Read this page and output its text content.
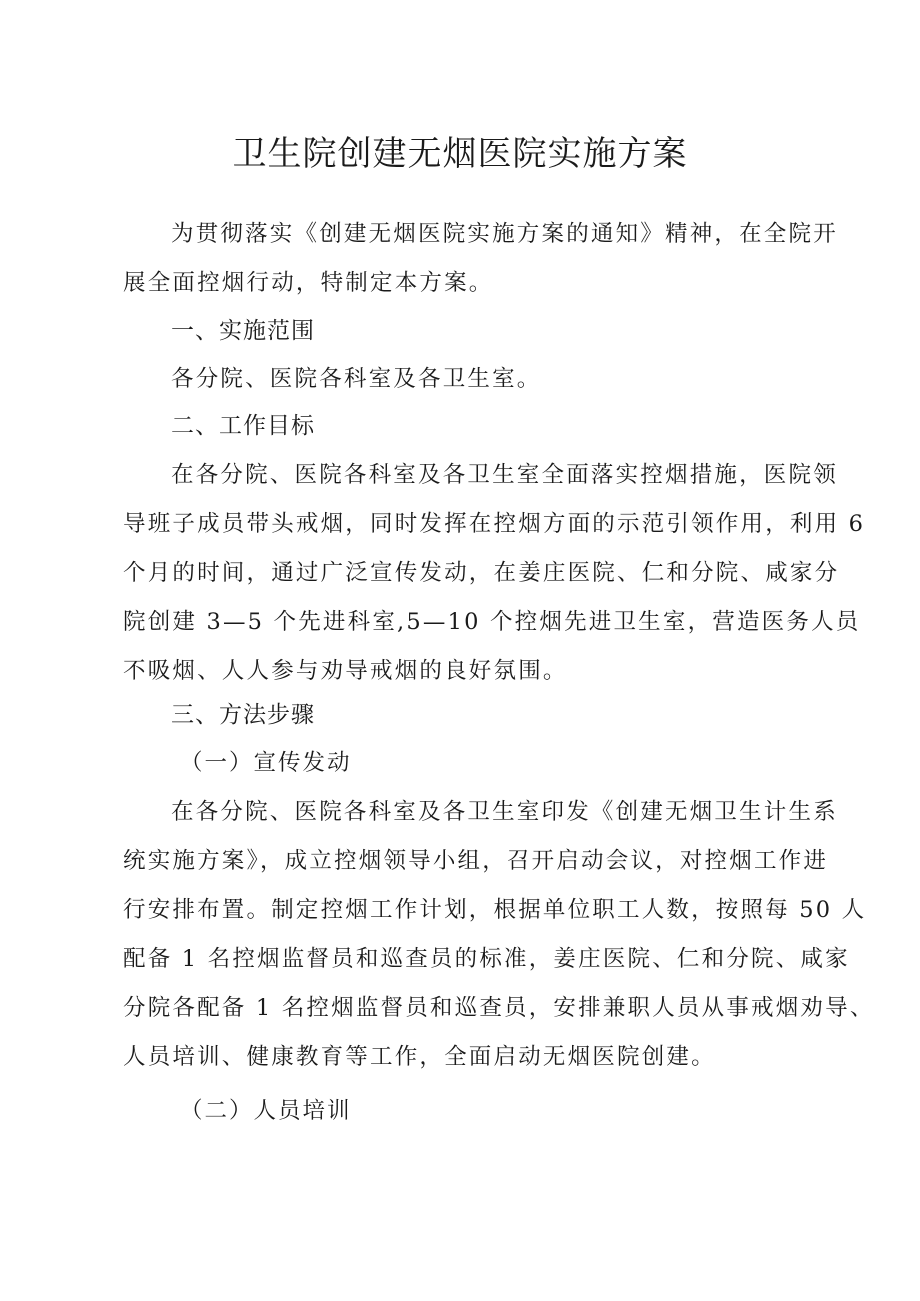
卫生院创建无烟医院实施方案

为贯彻落实《创建无烟医院实施方案的通知》精神，在全院开
展全面控烟行动，特制定本方案。

一、实施范围

各分院、医院各科室及各卫生室。

二、工作目标

在各分院、医院各科室及各卫生室全面落实控烟措施，医院领
导班子成员带头戒烟，同时发挥在控烟方面的示范引领作用，利用 6
个月的时间，通过广泛宣传发动，在姜庄医院、仁和分院、咸家分
院创建 3—5 个先进科室,5—10 个控烟先进卫生室，营造医务人员
不吸烟、人人参与劝导戒烟的良好氛围。

三、方法步骤

（一）宣传发动

在各分院、医院各科室及各卫生室印发《创建无烟卫生计生系
统实施方案》，成立控烟领导小组，召开启动会议，对控烟工作进
行安排布置。制定控烟工作计划，根据单位职工人数，按照每 50 人
配备 1 名控烟监督员和巡查员的标准，姜庄医院、仁和分院、咸家
分院各配备 1 名控烟监督员和巡查员，安排兼职人员从事戒烟劝导、
人员培训、健康教育等工作，全面启动无烟医院创建。

（二）人员培训
